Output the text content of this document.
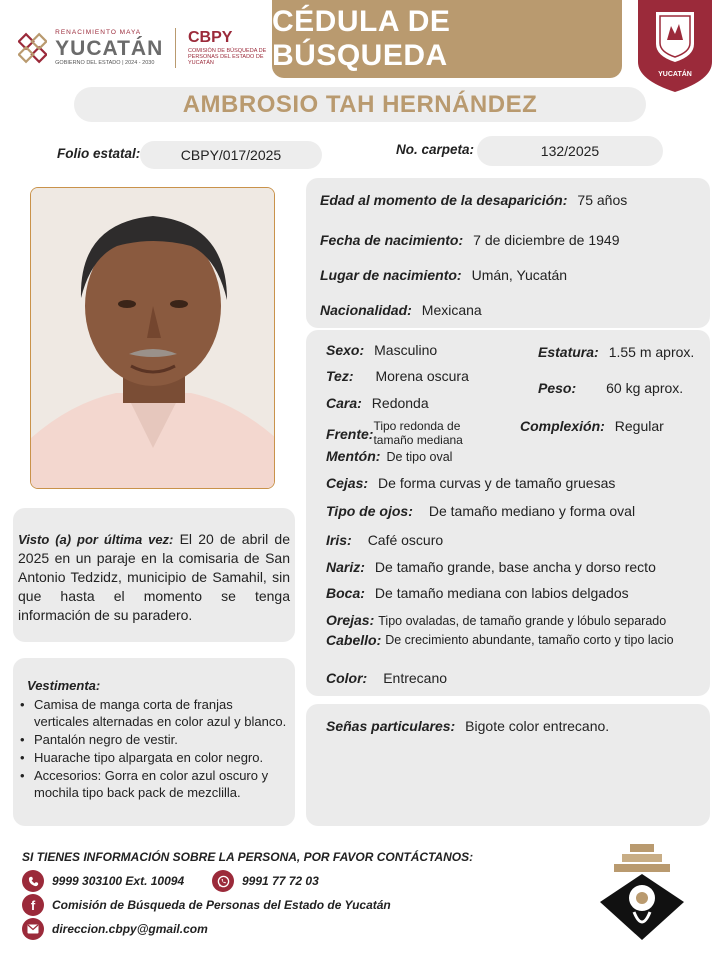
RENACIMIENTO MAYA
YUCATÁN
GOBIERNO DEL ESTADO | 2024 - 2030
CBPY
COMISIÓN DE BÚSQUEDA DE PERSONAS DEL ESTADO DE YUCATÁN
CÉDULA DE BÚSQUEDA
YUCATÁN
AMBROSIO TAH HERNÁNDEZ
Folio estatal:	CBPY/017/2025	No. carpeta:	132/2025
Edad al momento de la desaparición: 75 años
Fecha de nacimiento: 7 de diciembre de 1949
Lugar de nacimiento: Umán, Yucatán
Nacionalidad: Mexicana
Sexo: Masculino	Estatura: 1.55 m aprox.
Tez: Morena oscura
Peso: 60 kg aprox.
Cara: Redonda
Frente: Tipo redonda de tamaño mediana
Complexión: Regular
Mentón: De tipo oval
Cejas: De forma curvas y de tamaño gruesas
Tipo de ojos: De tamaño mediano y forma oval
Iris: Café oscuro
Nariz: De tamaño grande, base ancha y dorso recto
Boca: De tamaño mediana con labios delgados
Orejas: Tipo ovaladas, de tamaño grande y lóbulo separado
Cabello: De crecimiento abundante, tamaño corto y tipo lacio
Color: Entrecano
Señas particulares: Bigote color entrecano.
Visto (a) por última vez: El 20 de abril de 2025 en un paraje en la comisaria de San Antonio Tedzidz, municipio de Samahil, sin que hasta el momento se tenga información de su paradero.
Vestimenta:
• Camisa de manga corta de franjas verticales alternadas en color azul y blanco.
• Pantalón negro de vestir.
• Huarache tipo alpargata en color negro.
• Accesorios: Gorra en color azul oscuro y mochila tipo back pack de mezclilla.
SI TIENES INFORMACIÓN SOBRE LA PERSONA, POR FAVOR CONTÁCTANOS:
9999 303100 Ext. 10094	9991 77 72 03
f	Comisión de Búsqueda de Personas del Estado de Yucatán
direccion.cbpy@gmail.com
